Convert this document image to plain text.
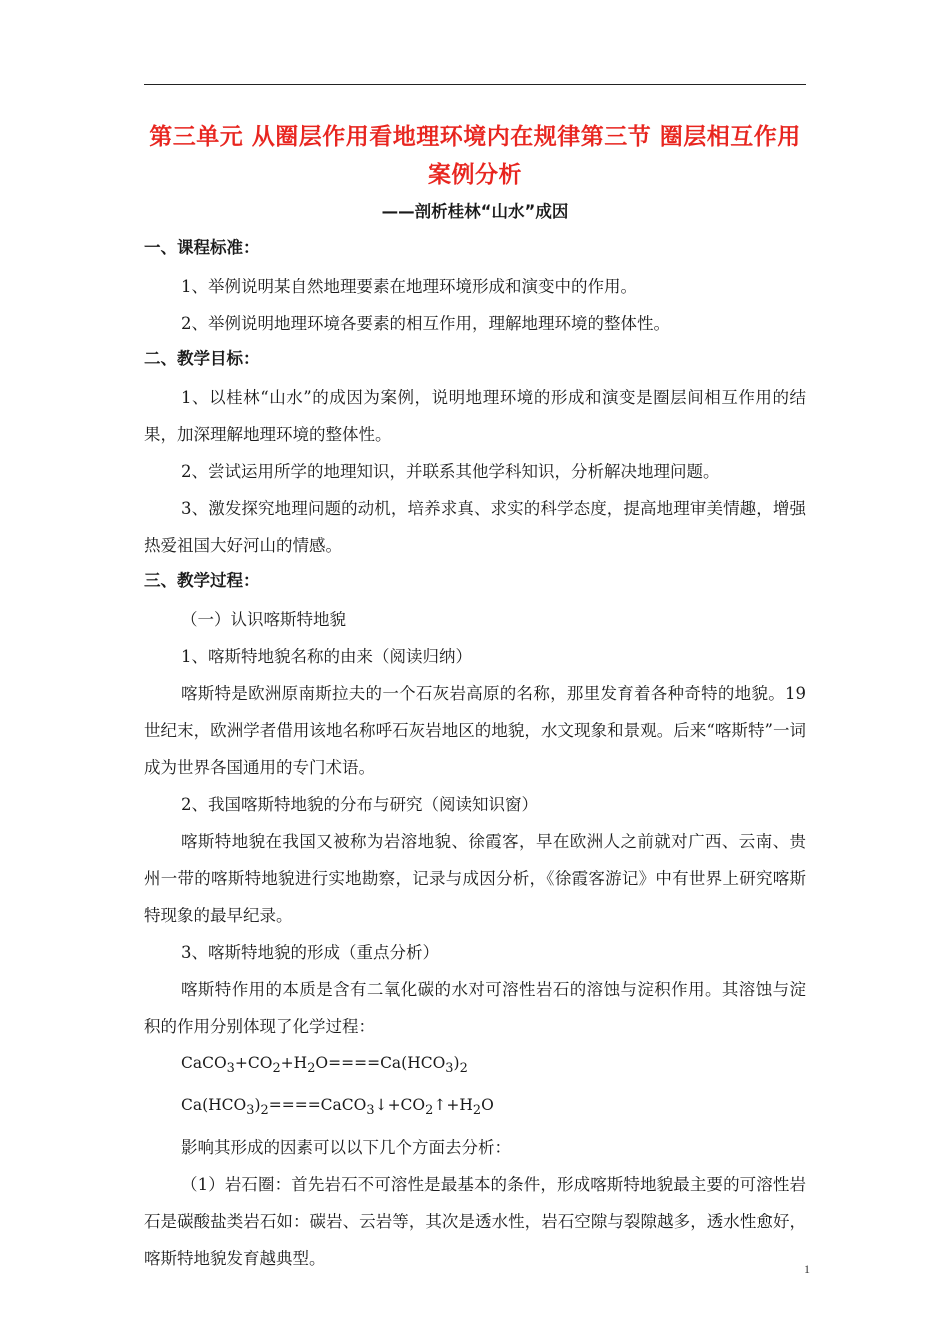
第三单元 从圈层作用看地理环境内在规律第三节 圈层相互作用案例分析
——剖析桂林“山水”成因

一、课程标准：

1、举例说明某自然地理要素在地理环境形成和演变中的作用。

2、举例说明地理环境各要素的相互作用，理解地理环境的整体性。

二、教学目标：

1、以桂林“山水”的成因为案例，说明地理环境的形成和演变是圈层间相互作用的结果，加深理解地理环境的整体性。

2、尝试运用所学的地理知识，并联系其他学科知识，分析解决地理问题。

3、激发探究地理问题的动机，培养求真、求实的科学态度，提高地理审美情趣，增强热爱祖国大好河山的情感。

三、教学过程：

（一）认识喀斯特地貌

1、喀斯特地貌名称的由来（阅读归纳）

喀斯特是欧洲原南斯拉夫的一个石灰岩高原的名称，那里发育着各种奇特的地貌。19世纪末，欧洲学者借用该地名称呼石灰岩地区的地貌，水文现象和景观。后来“喀斯特”一词成为世界各国通用的专门术语。

2、我国喀斯特地貌的分布与研究（阅读知识窗）

喀斯特地貌在我国又被称为岩溶地貌、徐霞客，早在欧洲人之前就对广西、云南、贵州一带的喀斯特地貌进行实地勘察，记录与成因分析，《徐霞客游记》中有世界上研究喀斯特现象的最早纪录。

3、喀斯特地貌的形成（重点分析）

喀斯特作用的本质是含有二氧化碳的水对可溶性岩石的溶蚀与淀积作用。其溶蚀与淀积的作用分别体现了化学过程：

$CaCO_3+CO_2+H_2O====Ca(HCO_3)_2$

$Ca(HCO_3)_2====CaCO_3↓+CO_2↑+H_2O$

影响其形成的因素可以以下几个方面去分析：

（1）岩石圈：首先岩石不可溶性是最基本的条件，形成喀斯特地貌最主要的可溶性岩石是碳酸盐类岩石如：碳岩、云岩等，其次是透水性，岩石空隙与裂隙越多，透水性愈好，喀斯特地貌发育越典型。

1
